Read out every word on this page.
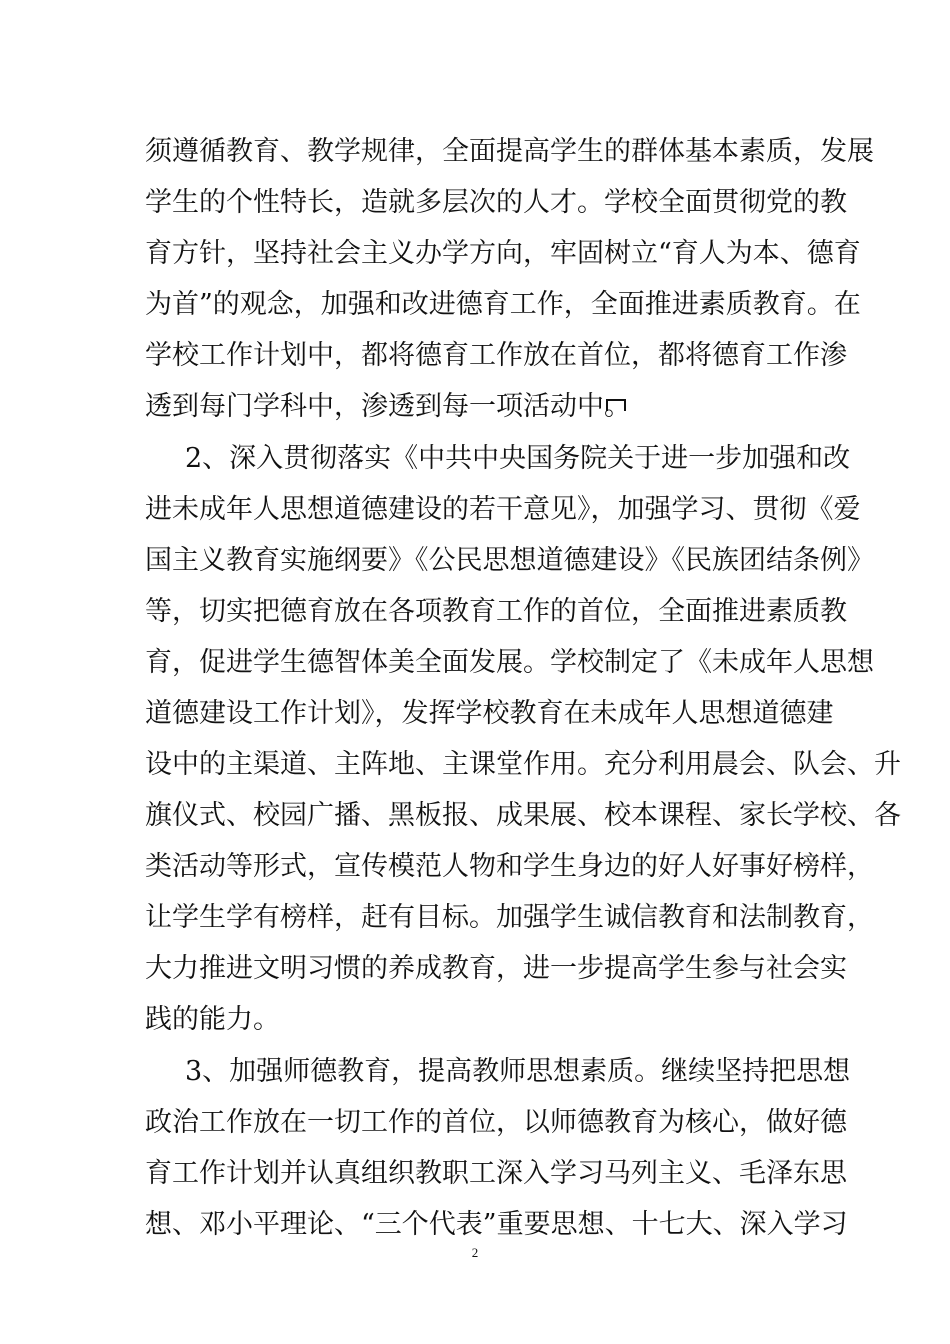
须遵循教育、教学规律，全面提高学生的群体基本素质，发展
学生的个性特长，造就多层次的人才。学校全面贯彻党的教
育方针，坚持社会主义办学方向，牢固树立“育人为本、德育
为首”的观念，加强和改进德育工作，全面推进素质教育。在
学校工作计划中，都将德育工作放在首位，都将德育工作渗
透到每门学科中，渗透到每一项活动中。
2、深入贯彻落实《中共中央国务院关于进一步加强和改
进未成年人思想道德建设的若干意见》，加强学习、贯彻《爱
国主义教育实施纲要》《公民思想道德建设》《民族团结条例》
等，切实把德育放在各项教育工作的首位，全面推进素质教
育，促进学生德智体美全面发展。学校制定了《未成年人思想
道德建设工作计划》，发挥学校教育在未成年人思想道德建
设中的主渠道、主阵地、主课堂作用。充分利用晨会、队会、升
旗仪式、校园广播、黑板报、成果展、校本课程、家长学校、各
类活动等形式，宣传模范人物和学生身边的好人好事好榜样，
让学生学有榜样，赶有目标。加强学生诚信教育和法制教育，
大力推进文明习惯的养成教育，进一步提高学生参与社会实
践的能力。
3、加强师德教育，提高教师思想素质。继续坚持把思想
政治工作放在一切工作的首位，以师德教育为核心，做好德
育工作计划并认真组织教职工深入学习马列主义、毛泽东思
想、邓小平理论、“三个代表”重要思想、十七大、深入学习
2
